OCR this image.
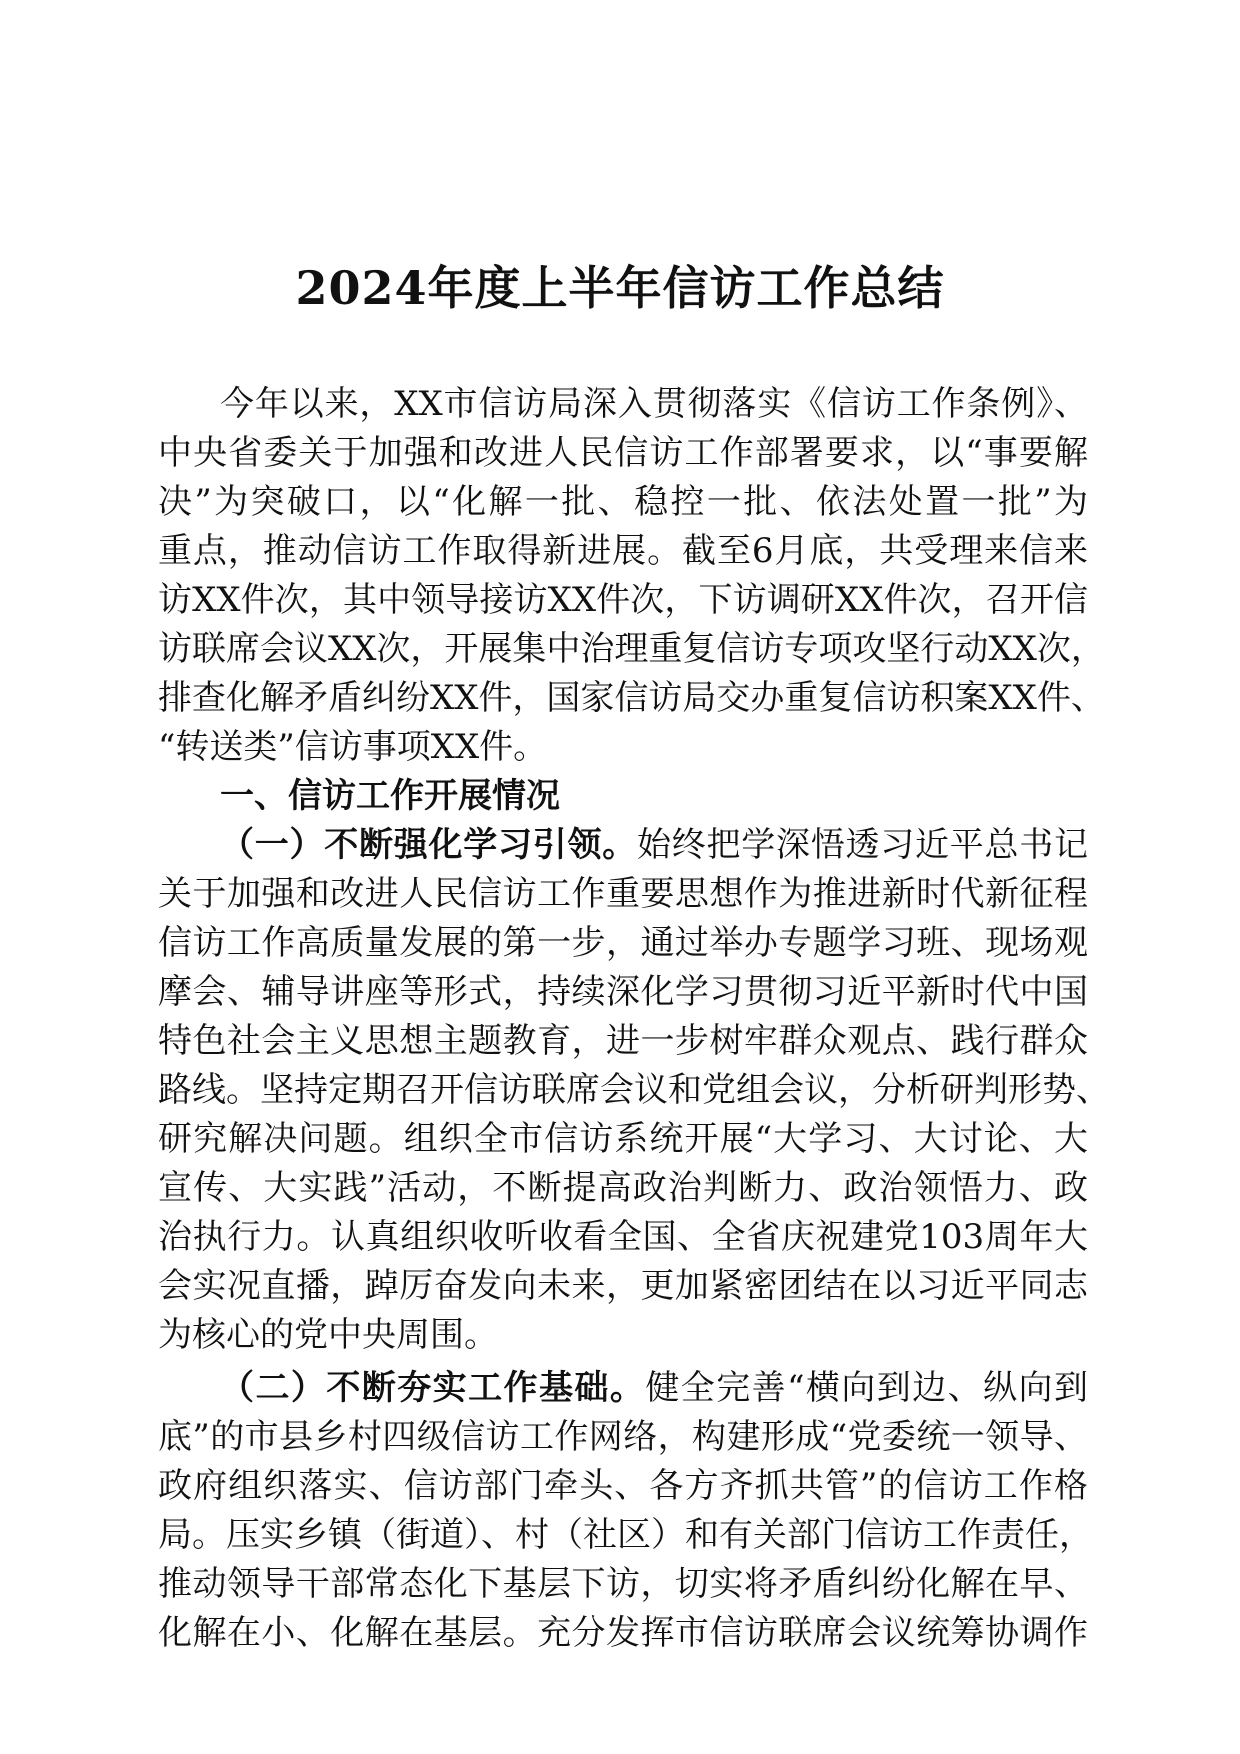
2024年度上半年信访工作总结
今年以来，XX市信访局深入贯彻落实《信访工作条例》、
中央省委关于加强和改进人民信访工作部署要求，以“事要解
决”为突破口，以“化解一批、稳控一批、依法处置一批”为
重点，推动信访工作取得新进展。截至6月底，共受理来信来
访XX件次，其中领导接访XX件次，下访调研XX件次，召开信
访联席会议XX次，开展集中治理重复信访专项攻坚行动XX次，
排查化解矛盾纠纷XX件，国家信访局交办重复信访积案XX件、
“转送类”信访事项XX件。
一、信访工作开展情况
（一）不断强化学习引领。始终把学深悟透习近平总书记
关于加强和改进人民信访工作重要思想作为推进新时代新征程
信访工作高质量发展的第一步，通过举办专题学习班、现场观
摩会、辅导讲座等形式，持续深化学习贯彻习近平新时代中国
特色社会主义思想主题教育，进一步树牢群众观点、践行群众
路线。坚持定期召开信访联席会议和党组会议，分析研判形势、
研究解决问题。组织全市信访系统开展“大学习、大讨论、大
宣传、大实践”活动，不断提高政治判断力、政治领悟力、政
治执行力。认真组织收听收看全国、全省庆祝建党103周年大
会实况直播，踔厉奋发向未来，更加紧密团结在以习近平同志
为核心的党中央周围。
（二）不断夯实工作基础。健全完善“横向到边、纵向到
底”的市县乡村四级信访工作网络，构建形成“党委统一领导、
政府组织落实、信访部门牵头、各方齐抓共管”的信访工作格
局。压实乡镇（街道）、村（社区）和有关部门信访工作责任，
推动领导干部常态化下基层下访，切实将矛盾纠纷化解在早、
化解在小、化解在基层。充分发挥市信访联席会议统筹协调作
